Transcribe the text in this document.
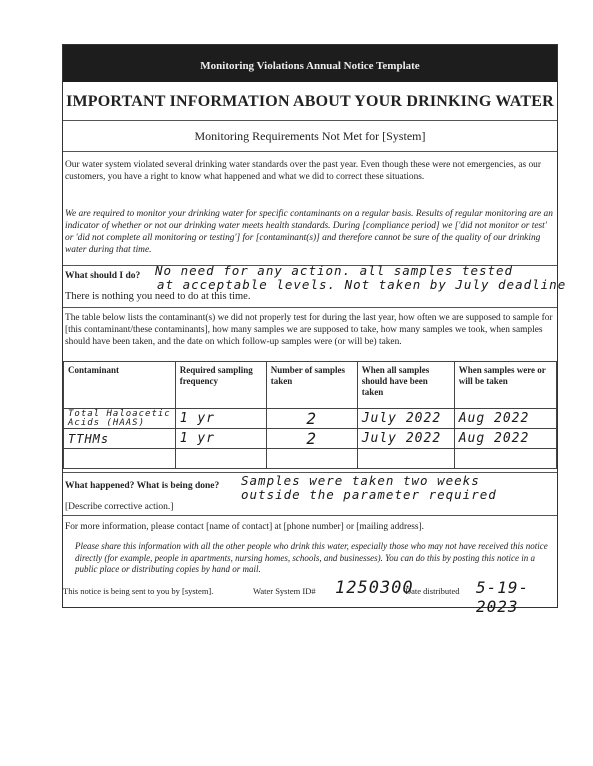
Monitoring Violations Annual Notice Template
IMPORTANT INFORMATION ABOUT YOUR DRINKING WATER
Monitoring Requirements Not Met for [System]
Our water system violated several drinking water standards over the past year. Even though these were not emergencies, as our customers, you have a right to know what happened and what we did to correct these situations.
We are required to monitor your drinking water for specific contaminants on a regular basis. Results of regular monitoring are an indicator of whether or not our drinking water meets health standards. During [compliance period] we ['did not monitor or test' or 'did not complete all monitoring or testing'] for [contaminant(s)] and therefore cannot be sure of the quality of our drinking water during that time.
What should I do? No need for any action. all samples tested
at acceptable levels. Not taken by July deadline
There is nothing you need to do at this time.
The table below lists the contaminant(s) we did not properly test for during the last year, how often we are supposed to sample for [this contaminant/these contaminants], how many samples we are supposed to take, how many samples we took, when samples should have been taken, and the date on which follow-up samples were (or will be) taken.
Contaminant	Required sampling frequency	Number of samples taken	When all samples should have been taken	When samples were or will be taken

Total Haloacetic
Acids (HAAS)	1 yr	2	July 2022	Aug 2022

TTHMs	1 yr	2	July 2022	Aug 2022

What happened? What is being done? Samples were taken two weeks
outside the parameter required
[Describe corrective action.]
For more information, please contact [name of contact] at [phone number] or [mailing address].
Please share this information with all the other people who drink this water, especially those who may not have received this notice directly (for example, people in apartments, nursing homes, schools, and businesses). You can do this by posting this notice in a public place or distributing copies by hand or mail.
This notice is being sent to you by [system].	Water System ID# 1250300
Date distributed 5-19-2023
